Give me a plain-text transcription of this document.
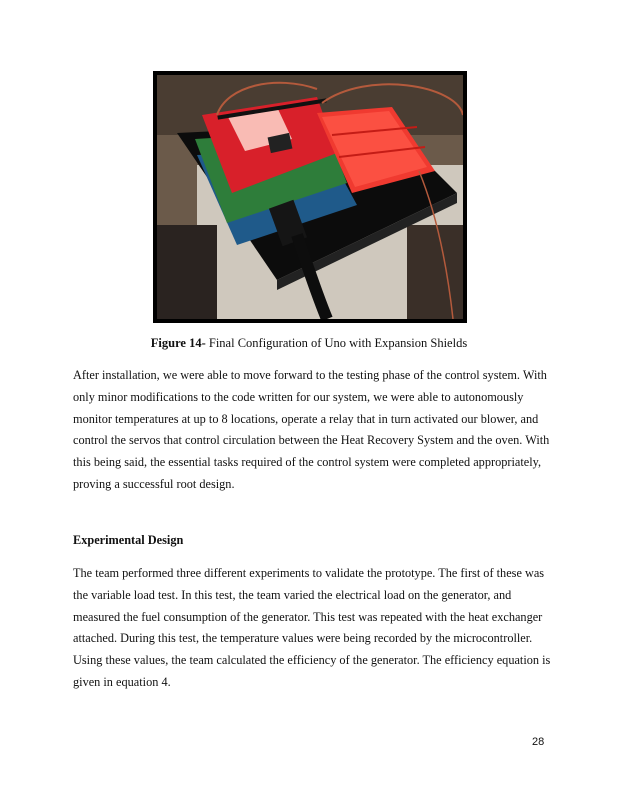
Figure 14- Final Configuration of Uno with Expansion Shields

After installation, we were able to move forward to the testing phase of the control system. With only minor modifications to the code written for our system, we were able to autonomously monitor temperatures at up to 8 locations, operate a relay that in turn activated our blower, and control the servos that control circulation between the Heat Recovery System and the oven. With this being said, the essential tasks required of the control system were completed appropriately, proving a successful root design.

Experimental Design

The team performed three different experiments to validate the prototype. The first of these was the variable load test. In this test, the team varied the electrical load on the generator, and measured the fuel consumption of the generator. This test was repeated with the heat exchanger attached. During this test, the temperature values were being recorded by the microcontroller. Using these values, the team calculated the efficiency of the generator. The efficiency equation is given in equation 4.

28
